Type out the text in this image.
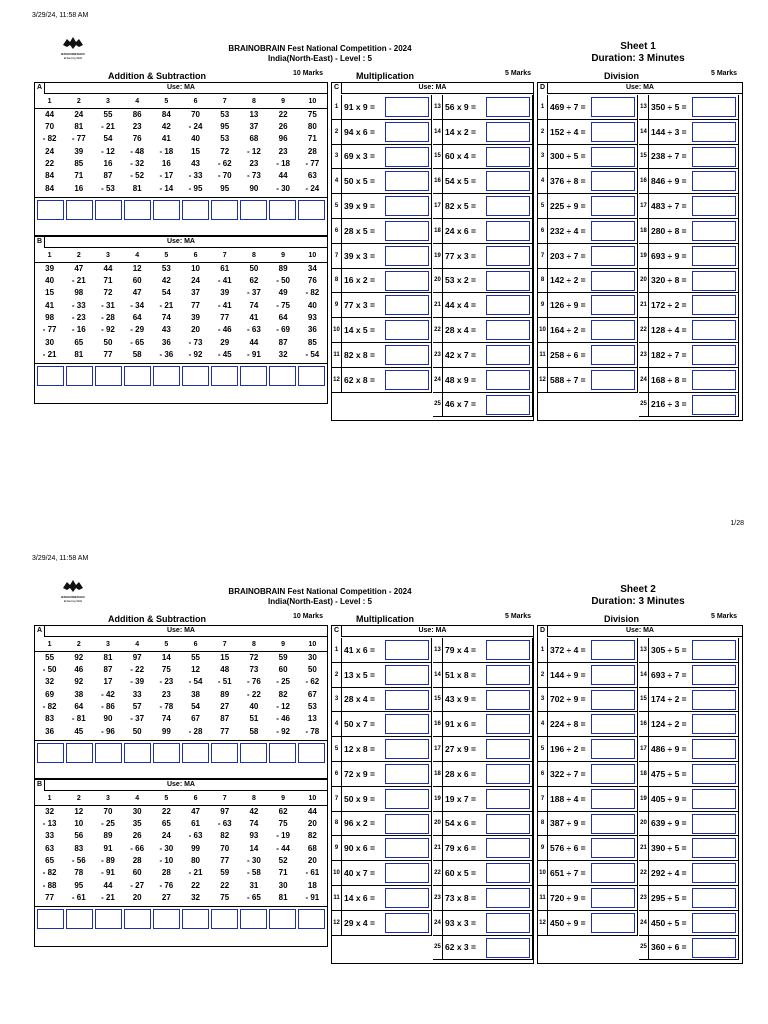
3/29/24, 11:58 AM
1/28
BRAINOBRAIN
Enhancing Skills
BRAINOBRAIN Fest National Competition - 2024
India(North-East) - Level : 5
Sheet 1
Duration: 3 Minutes
Addition & Subtraction	10 Marks	Multiplication	5 Marks	Division	5 Marks
A	Use: MA
1	2	3	4	5	6	7	8	9	10
44	24	55	86	84	70	53	13	22	75
70	81	- 21	23	42	- 24	95	37	26	80
- 82	- 77	54	76	41	40	53	68	96	71
24	39	- 12	- 48	- 18	15	72	- 12	23	28
22	85	16	- 32	16	43	- 62	23	- 18	- 77
84	71	87	- 52	- 17	- 33	- 70	- 73	44	63
84	16	- 53	81	- 14	- 95	95	90	- 30	- 24
B	Use: MA
1	2	3	4	5	6	7	8	9	10
39	47	44	12	53	10	61	50	89	34
40	- 21	71	60	42	24	- 41	62	- 50	76
15	98	72	47	54	37	39	- 37	49	- 82
41	- 33	- 31	- 34	- 21	77	- 41	74	- 75	40
98	- 23	- 28	64	74	39	77	41	64	93
- 77	- 16	- 92	- 29	43	20	- 46	- 63	- 69	36
30	65	50	- 65	36	- 73	29	44	87	85
- 21	81	77	58	- 36	- 92	- 45	- 91	32	- 54
C	Use: MA
1 91 x 9 =
2 94 x 6 =
3 69 x 3 =
4 50 x 5 =
5 39 x 9 =
6 28 x 5 =
7 39 x 3 =
8 16 x 2 =
9 77 x 3 =
10 14 x 5 =
11 82 x 8 =
12 62 x 8 =
13 56 x 9 =
14 14 x 2 =
15 60 x 4 =
16 54 x 5 =
17 82 x 5 =
18 24 x 6 =
19 77 x 3 =
20 53 x 2 =
21 44 x 4 =
22 28 x 4 =
23 42 x 7 =
24 48 x 9 =
25 46 x 7 =
D	Use: MA
1 469 ÷ 7 =
2 152 ÷ 4 =
3 300 ÷ 5 =
4 376 ÷ 8 =
5 225 ÷ 9 =
6 232 ÷ 4 =
7 203 ÷ 7 =
8 142 ÷ 2 =
9 126 ÷ 9 =
10 164 ÷ 2 =
11 258 ÷ 6 =
12 588 ÷ 7 =
13 350 ÷ 5 =
14 144 ÷ 3 =
15 238 ÷ 7 =
16 846 ÷ 9 =
17 483 ÷ 7 =
18 280 ÷ 8 =
19 693 ÷ 9 =
20 320 ÷ 8 =
21 172 ÷ 2 =
22 128 ÷ 4 =
23 182 ÷ 7 =
24 168 ÷ 8 =
25 216 ÷ 3 =
3/29/24, 11:58 AM
BRAINOBRAIN
Enhancing Skills
BRAINOBRAIN Fest National Competition - 2024
India(North-East) - Level : 5
Sheet 2
Duration: 3 Minutes
Addition & Subtraction	10 Marks	Multiplication	5 Marks	Division	5 Marks
A	Use: MA
1	2	3	4	5	6	7	8	9	10
55	92	81	97	14	55	15	72	59	30
- 50	46	87	- 22	75	12	48	73	60	50
32	92	17	- 39	- 23	- 54	- 51	- 76	- 25	- 62
69	38	- 42	33	23	38	89	- 22	82	67
- 82	64	- 86	57	- 78	54	27	40	- 12	53
83	- 81	90	- 37	74	67	87	51	- 46	13
36	45	- 96	50	99	- 28	77	58	- 92	- 78
B	Use: MA
1	2	3	4	5	6	7	8	9	10
32	12	70	30	22	47	97	42	62	44
- 13	10	- 25	35	65	61	- 63	74	75	20
33	56	89	26	24	- 63	82	93	- 19	82
63	83	91	- 66	- 30	99	70	14	- 44	68
65	- 56	- 89	28	- 10	80	77	- 30	52	20
- 82	78	- 91	60	28	- 21	59	- 58	71	- 61
- 88	95	44	- 27	- 76	22	22	31	30	18
77	- 61	- 21	20	27	32	75	- 65	81	- 91
C	Use: MA
1 41 x 6 =
2 13 x 5 =
3 28 x 4 =
4 50 x 7 =
5 12 x 8 =
6 72 x 9 =
7 50 x 9 =
8 96 x 2 =
9 90 x 6 =
10 40 x 7 =
11 14 x 6 =
12 29 x 4 =
13 79 x 4 =
14 51 x 8 =
15 43 x 9 =
16 91 x 6 =
17 27 x 9 =
18 28 x 6 =
19 19 x 7 =
20 54 x 6 =
21 79 x 6 =
22 60 x 5 =
23 73 x 8 =
24 93 x 3 =
25 62 x 3 =
D	Use: MA
1 372 ÷ 4 =
2 144 ÷ 9 =
3 702 ÷ 9 =
4 224 ÷ 8 =
5 196 ÷ 2 =
6 322 ÷ 7 =
7 188 ÷ 4 =
8 387 ÷ 9 =
9 576 ÷ 6 =
10 651 ÷ 7 =
11 720 ÷ 9 =
12 450 ÷ 9 =
13 305 ÷ 5 =
14 693 ÷ 7 =
15 174 ÷ 2 =
16 124 ÷ 2 =
17 486 ÷ 9 =
18 475 ÷ 5 =
19 405 ÷ 9 =
20 639 ÷ 9 =
21 390 ÷ 5 =
22 292 ÷ 4 =
23 295 ÷ 5 =
24 450 ÷ 5 =
25 360 ÷ 6 =
